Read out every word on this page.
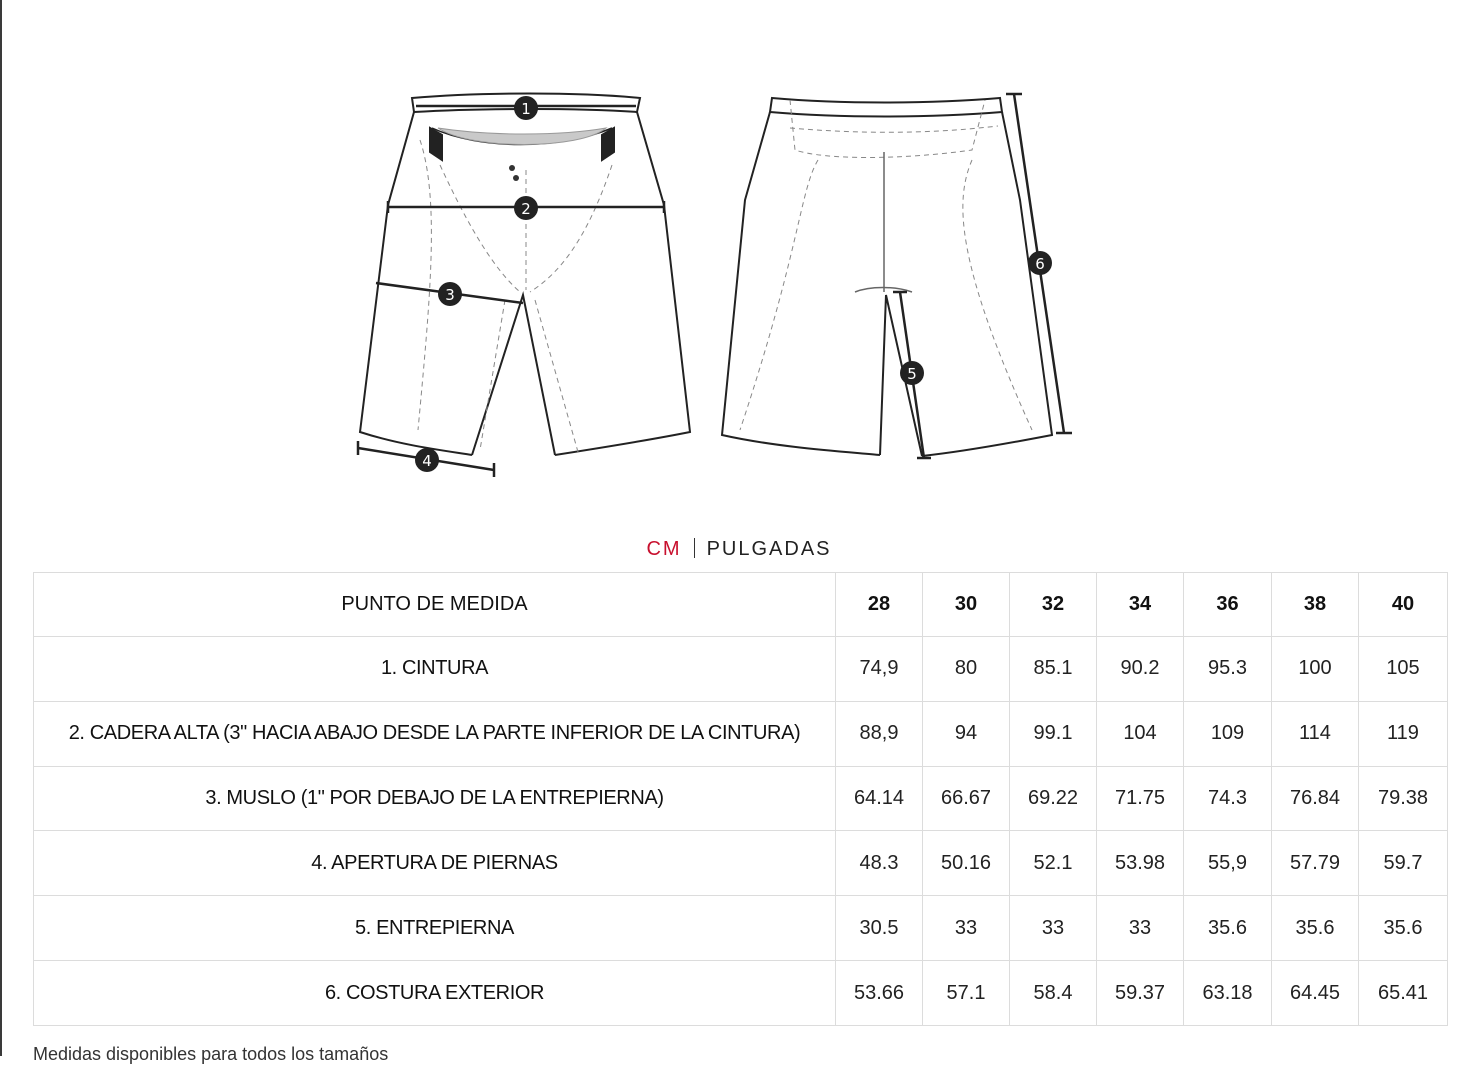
1
2
3
4
5
6
CM PULGADAS
PUNTO DE MEDIDA	28	30	32	34	36	38	40
1. CINTURA	74,9	80	85.1	90.2	95.3	100	105
2. CADERA ALTA (3" HACIA ABAJO DESDE LA PARTE INFERIOR DE LA CINTURA)	88,9	94	99.1	104	109	114	119
3. MUSLO (1" POR DEBAJO DE LA ENTREPIERNA)	64.14	66.67	69.22	71.75	74.3	76.84	79.38
4. APERTURA DE PIERNAS	48.3	50.16	52.1	53.98	55,9	57.79	59.7
5. ENTREPIERNA	30.5	33	33	33	35.6	35.6	35.6
6. COSTURA EXTERIOR	53.66	57.1	58.4	59.37	63.18	64.45	65.41
Medidas disponibles para todos los tamaños
